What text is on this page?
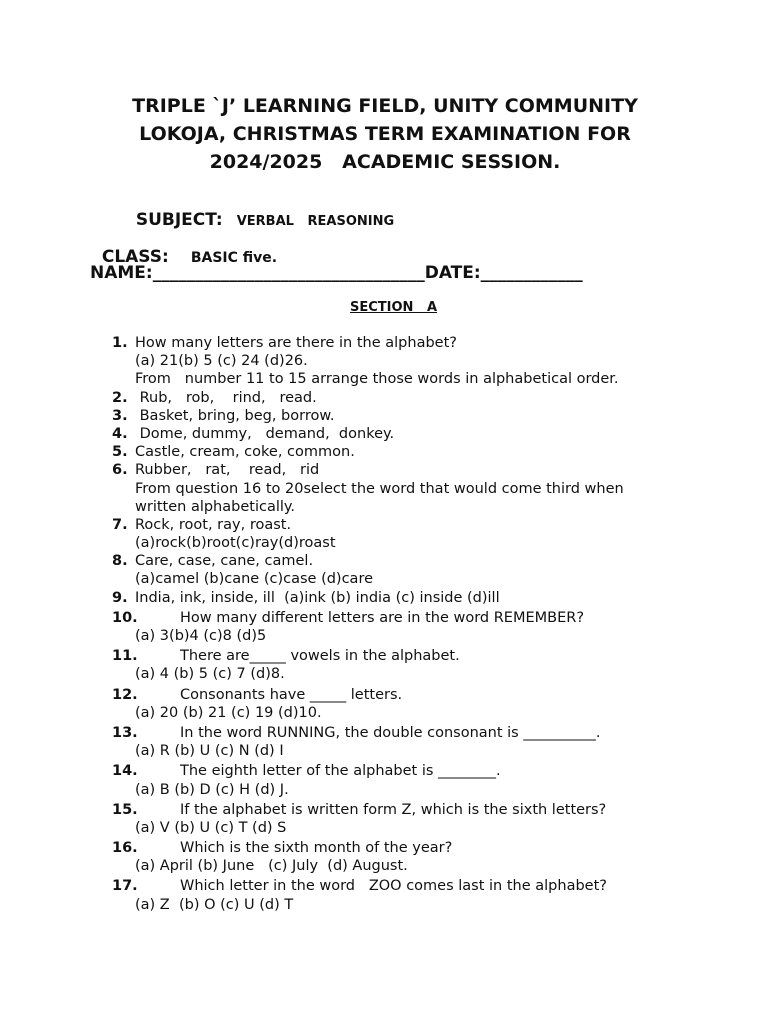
TRIPLE `J’ LEARNING FIELD, UNITY COMMUNITY
LOKOJA, CHRISTMAS TERM EXAMINATION FOR
2024/2025   ACADEMIC SESSION.

SUBJECT: VERBAL   REASONING

CLASS: BASIC five.

NAME:________________________________DATE:____________
SECTION   A
1. How many letters are there in the alphabet?
(a) 21(b) 5 (c) 24 (d)26.
From   number 11 to 15 arrange those words in alphabetical order.
2. Rub,   rob,    rind,   read.
3. Basket, bring, beg, borrow.
4. Dome, dummy,   demand,  donkey.
5. Castle, cream, coke, common.
6. Rubber,   rat,    read,   rid
From question 16 to 20select the word that would come third when
written alphabetically.
7. Rock, root, ray, roast.
(a)rock(b)root(c)ray(d)roast
8. Care, case, cane, camel.
(a)camel (b)cane (c)case (d)care
9. India, ink, inside, ill  (a)ink (b) india (c) inside (d)ill
10.	How many different letters are in the word REMEMBER?
(a) 3(b)4 (c)8 (d)5
11.	There are_____ vowels in the alphabet.
(a) 4 (b) 5 (c) 7 (d)8.
12.	Consonants have _____ letters.
(a) 20 (b) 21 (c) 19 (d)10.
13.	In the word RUNNING, the double consonant is __________.
(a) R (b) U (c) N (d) I
14.	The eighth letter of the alphabet is ________.
(a) B (b) D (c) H (d) J.
15.	If the alphabet is written form Z, which is the sixth letters?
(a) V (b) U (c) T (d) S
16.	Which is the sixth month of the year?
(a) April (b) June   (c) July  (d) August.
17.	Which letter in the word   ZOO comes last in the alphabet?
(a) Z  (b) O (c) U (d) T
